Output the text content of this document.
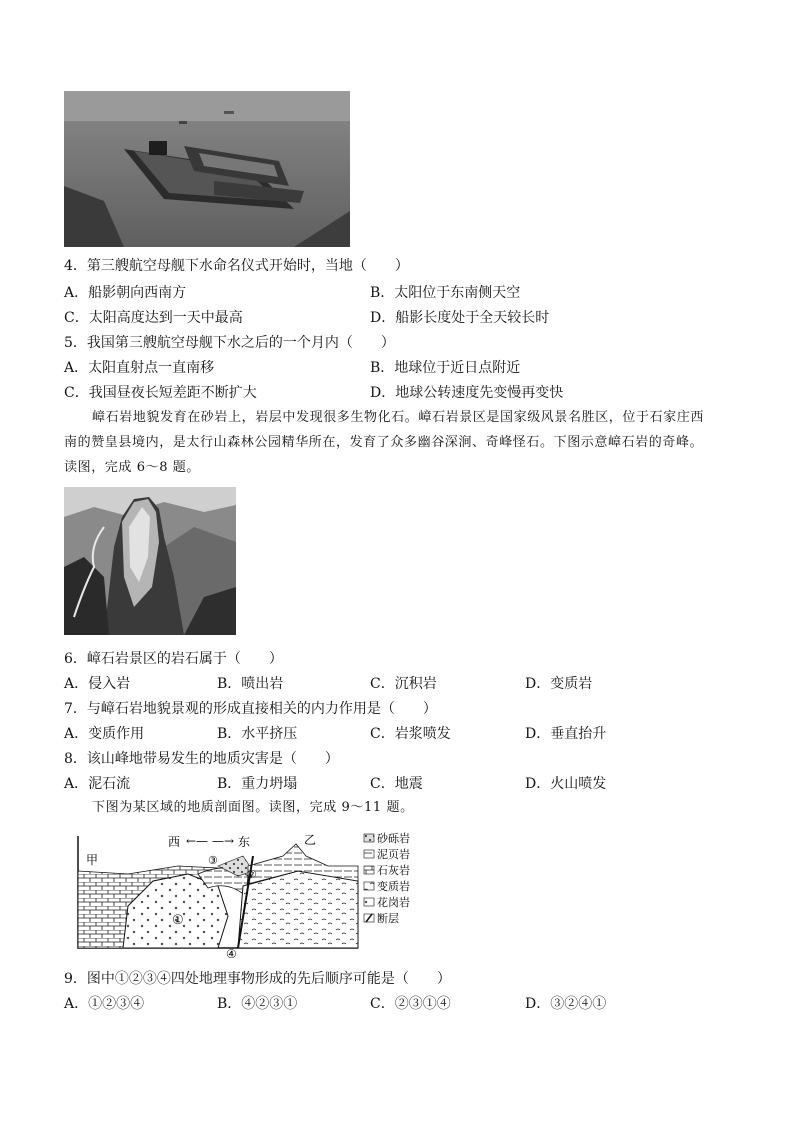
4．第三艘航空母舰下水命名仪式开始时，当地（　　）
A．船影朝向西南方	B．太阳位于东南侧天空
C．太阳高度达到一天中最高	D．船影长度处于全天较长时
5．我国第三艘航空母舰下水之后的一个月内（　　）
A．太阳直射点一直南移	B．地球位于近日点附近
C．我国昼夜长短差距不断扩大	D．地球公转速度先变慢再变快
嶂石岩地貌发育在砂岩上，岩层中发现很多生物化石。嶂石岩景区是国家级风景名胜区，位于石家庄西
南的赞皇县境内，是太行山森林公园精华所在，发育了众多幽谷深涧、奇峰怪石。下图示意嶂石岩的奇峰。
读图，完成 6～8 题。
6．嶂石岩景区的岩石属于（　　）
A．侵入岩	B．喷出岩	C．沉积岩	D．变质岩
7．与嶂石岩地貌景观的形成直接相关的内力作用是（　　）
A．变质作用	B．水平挤压	C．岩浆喷发	D．垂直抬升
8．该山峰地带易发生的地质灾害是（　　）
A．泥石流	B．重力坍塌	C．地震	D．火山喷发
下图为某区域的地质剖面图。读图，完成 9～11 题。
西 ←— —→ 东
甲
乙
①
②
③
④
砂砾岩
泥页岩
石灰岩
变质岩
花岗岩
断层
9．图中①②③④四处地理事物形成的先后顺序可能是（　　）
A．①②③④	B．④②③①	C．②③①④	D．③②④①
